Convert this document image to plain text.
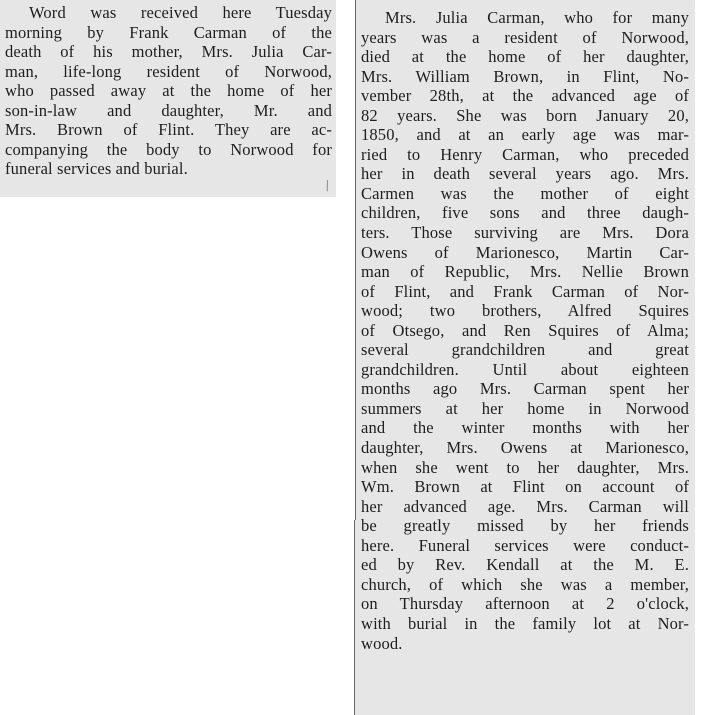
⁄
Word was received here Tuesday
morning by Frank Carman of the
death of his mother, Mrs. Julia Car-
man, life-long resident of Norwood,
who passed away at the home of her
son-in-law and daughter, Mr. and
Mrs. Brown of Flint. They are ac-
companying the body to Norwood for
funeral services and burial.
Mrs. Julia Carman, who for many
years was a resident of Norwood,
died at the home of her daughter,
Mrs. William Brown, in Flint, No-
vember 28th, at the advanced age of
82 years. She was born January 20,
1850, and at an early age was mar-
ried to Henry Carman, who preceded
her in death several years ago. Mrs.
Carmen was the mother of eight
children, five sons and three daugh-
ters. Those surviving are Mrs. Dora
Owens of Marionesco, Martin Car-
man of Republic, Mrs. Nellie Brown
of Flint, and Frank Carman of Nor-
wood; two brothers, Alfred Squires
of Otsego, and Ren Squires of Alma;
several grandchildren and great
grandchildren. Until about eighteen
months ago Mrs. Carman spent her
summers at her home in Norwood
and the winter months with her
daughter, Mrs. Owens at Marionesco,
when she went to her daughter, Mrs.
Wm. Brown at Flint on account of
her advanced age. Mrs. Carman will
be greatly missed by her friends
here. Funeral services were conduct-
ed by Rev. Kendall at the M. E.
church, of which she was a member,
on Thursday afternoon at 2 o'clock,
with burial in the family lot at Nor-
wood.
